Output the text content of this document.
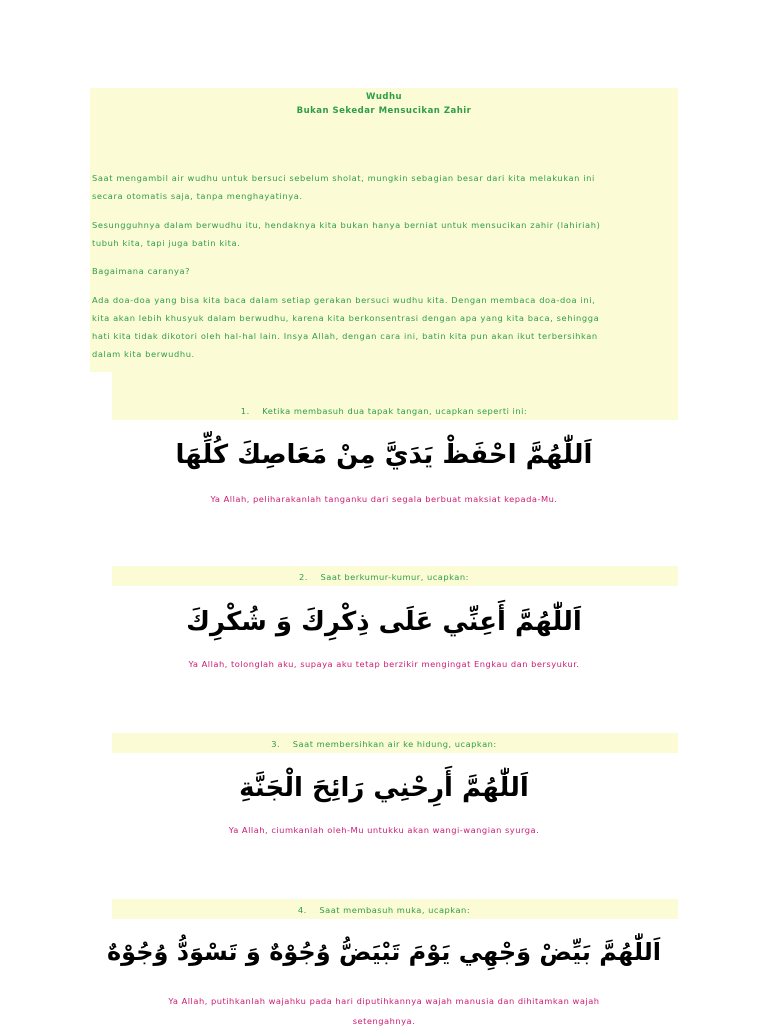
Wudhu
Bukan Sekedar Mensucikan Zahir
Saat mengambil air wudhu untuk bersuci sebelum sholat, mungkin sebagian besar dari kita melakukan ini
secara otomatis saja, tanpa menghayatinya.
Sesungguhnya dalam berwudhu itu, hendaknya kita bukan hanya berniat untuk mensucikan zahir (lahiriah)
tubuh kita, tapi juga batin kita.
Bagaimana caranya?
Ada doa-doa yang bisa kita baca dalam setiap gerakan bersuci wudhu kita. Dengan membaca doa-doa ini,
kita akan lebih khusyuk dalam berwudhu, karena kita berkonsentrasi dengan apa yang kita baca, sehingga
hati kita tidak dikotori oleh hal-hal lain. Insya Allah, dengan cara ini, batin kita pun akan ikut terbersihkan
dalam kita berwudhu.
1. Ketika membasuh dua tapak tangan, ucapkan seperti ini:
اَللّٰهُمَّ احْفَظْ يَدَيَّ مِنْ مَعَاصِكَ كُلِّهَا
Ya Allah, peliharakanlah tanganku dari segala berbuat maksiat kepada-Mu.
2. Saat berkumur-kumur, ucapkan:
اَللّٰهُمَّ أَعِنِّي عَلَى ذِكْرِكَ وَ شُكْرِكَ
Ya Allah, tolonglah aku, supaya aku tetap berzikir mengingat Engkau dan bersyukur.
3. Saat membersihkan air ke hidung, ucapkan:
اَللّٰهُمَّ أَرِحْنِي رَائِحَ الْجَنَّةِ
Ya Allah, ciumkanlah oleh-Mu untukku akan wangi-wangian syurga.
4. Saat membasuh muka, ucapkan:
اَللّٰهُمَّ بَيِّضْ وَجْهِي يَوْمَ تَبْيَضُّ وُجُوْهٌ وَ تَسْوَدُّ وُجُوْهٌ
Ya Allah, putihkanlah wajahku pada hari diputihkannya wajah manusia dan dihitamkan wajah
setengahnya.
